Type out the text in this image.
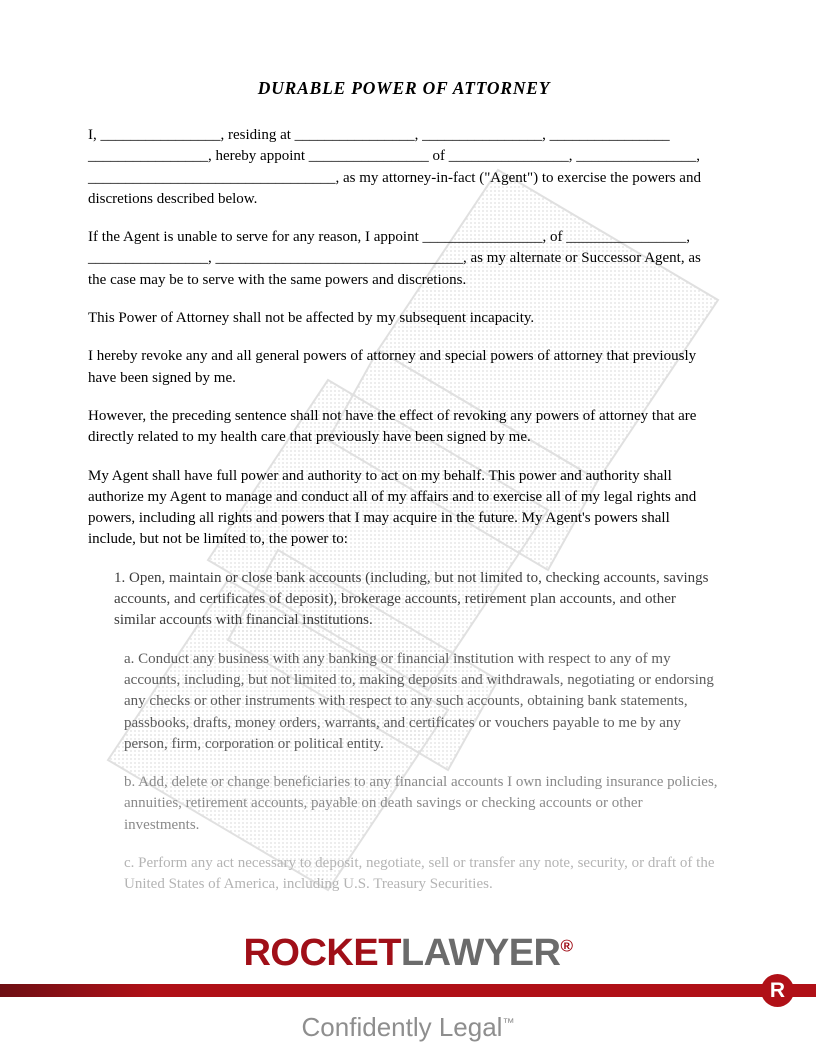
DURABLE POWER OF ATTORNEY

I, ________________, residing at ________________, ________________, ________________ ________________, hereby appoint ________________ of ________________, ________________, _________________________________, as my attorney-in-fact ("Agent") to exercise the powers and discretions described below.

If the Agent is unable to serve for any reason, I appoint ________________, of ________________, ________________, _________________________________, as my alternate or Successor Agent, as the case may be to serve with the same powers and discretions.

This Power of Attorney shall not be affected by my subsequent incapacity.

I hereby revoke any and all general powers of attorney and special powers of attorney that previously have been signed by me.

However, the preceding sentence shall not have the effect of revoking any powers of attorney that are directly related to my health care that previously have been signed by me.

My Agent shall have full power and authority to act on my behalf. This power and authority shall authorize my Agent to manage and conduct all of my affairs and to exercise all of my legal rights and powers, including all rights and powers that I may acquire in the future. My Agent's powers shall include, but not be limited to, the power to:

1. Open, maintain or close bank accounts (including, but not limited to, checking accounts, savings accounts, and certificates of deposit), brokerage accounts, retirement plan accounts, and other similar accounts with financial institutions.

a. Conduct any business with any banking or financial institution with respect to any of my accounts, including, but not limited to, making deposits and withdrawals, negotiating or endorsing any checks or other instruments with respect to any such accounts, obtaining bank statements, passbooks, drafts, money orders, warrants, and certificates or vouchers payable to me by any person, firm, corporation or political entity.

b. Add, delete or change beneficiaries to any financial accounts I own including insurance policies, annuities, retirement accounts, payable on death savings or checking accounts or other investments.

c. Perform any act necessary to deposit, negotiate, sell or transfer any note, security, or draft of the United States of America, including U.S. Treasury Securities.

ROCKETLAWYER®
R
Confidently Legal™
